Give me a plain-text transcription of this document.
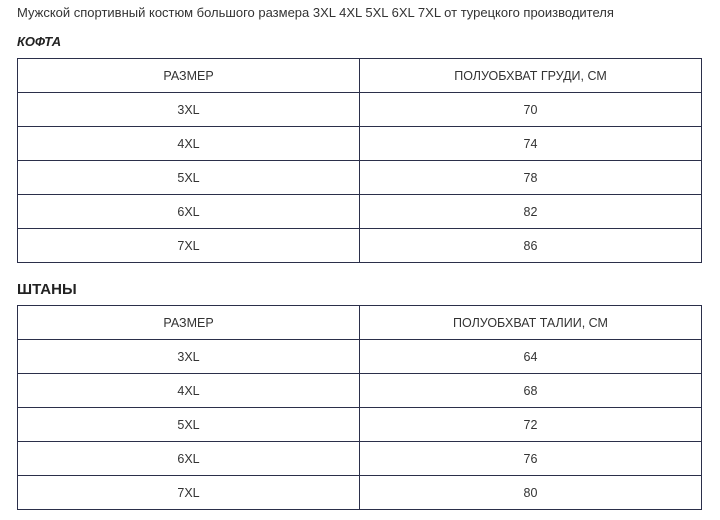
Мужской спортивный костюм большого размера 3XL 4XL 5XL 6XL 7XL от турецкого производителя
КОФТА
РАЗМЕР	ПОЛУОБХВАТ ГРУДИ, СМ
3XL	70
4XL	74
5XL	78
6XL	82
7XL	86
ШТАНЫ
РАЗМЕР	ПОЛУОБХВАТ ТАЛИИ, СМ
3XL	64
4XL	68
5XL	72
6XL	76
7XL	80
